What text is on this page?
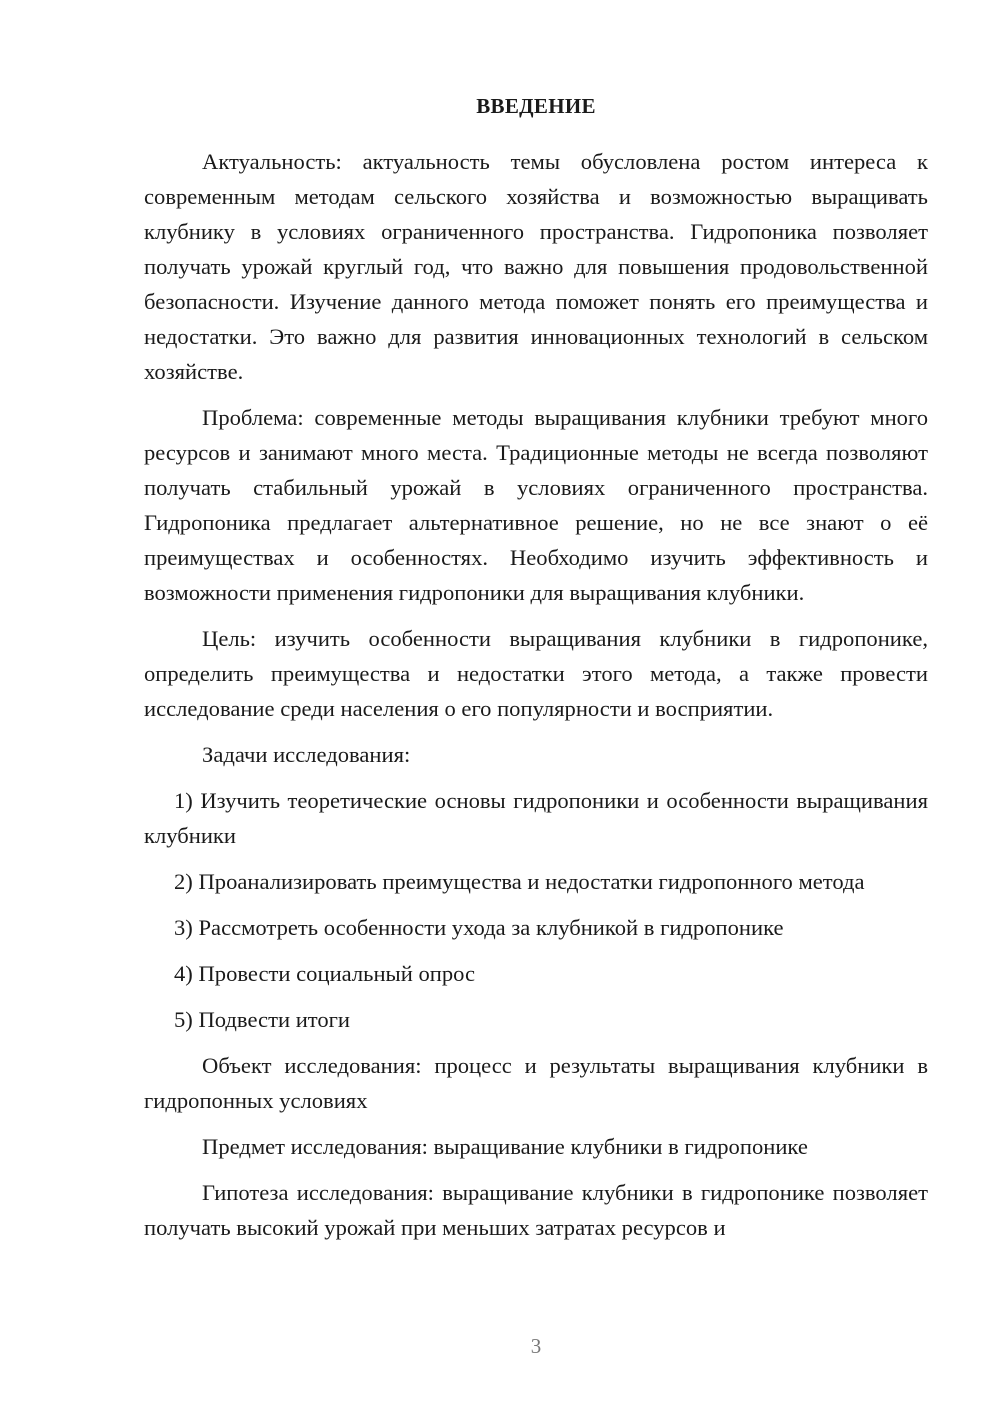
ВВЕДЕНИЕ

Актуальность: актуальность темы обусловлена ростом интереса к современным методам сельского хозяйства и возможностью выращивать клубнику в условиях ограниченного пространства. Гидропоника позволяет получать урожай круглый год, что важно для повышения продовольственной безопасности. Изучение данного метода поможет понять его преимущества и недостатки. Это важно для развития инновационных технологий в сельском хозяйстве.

Проблема: современные методы выращивания клубники требуют много ресурсов и занимают много места. Традиционные методы не всегда позволяют получать стабильный урожай в условиях ограниченного пространства. Гидропоника предлагает альтернативное решение, но не все знают о её преимуществах и особенностях. Необходимо изучить эффективность и возможности применения гидропоники для выращивания клубники.

Цель: изучить особенности выращивания клубники в гидропонике, определить преимущества и недостатки этого метода, а также провести исследование среди населения о его популярности и восприятии.

Задачи исследования:

1) Изучить теоретические основы гидропоники и особенности выращивания клубники

2) Проанализировать преимущества и недостатки гидропонного метода

3) Рассмотреть особенности ухода за клубникой в гидропонике

4) Провести социальный опрос

5) Подвести итоги

Объект исследования: процесс и результаты выращивания клубники в гидропонных условиях

Предмет исследования: выращивание клубники в гидропонике

Гипотеза исследования: выращивание клубники в гидропонике позволяет получать высокий урожай при меньших затратах ресурсов и

3
